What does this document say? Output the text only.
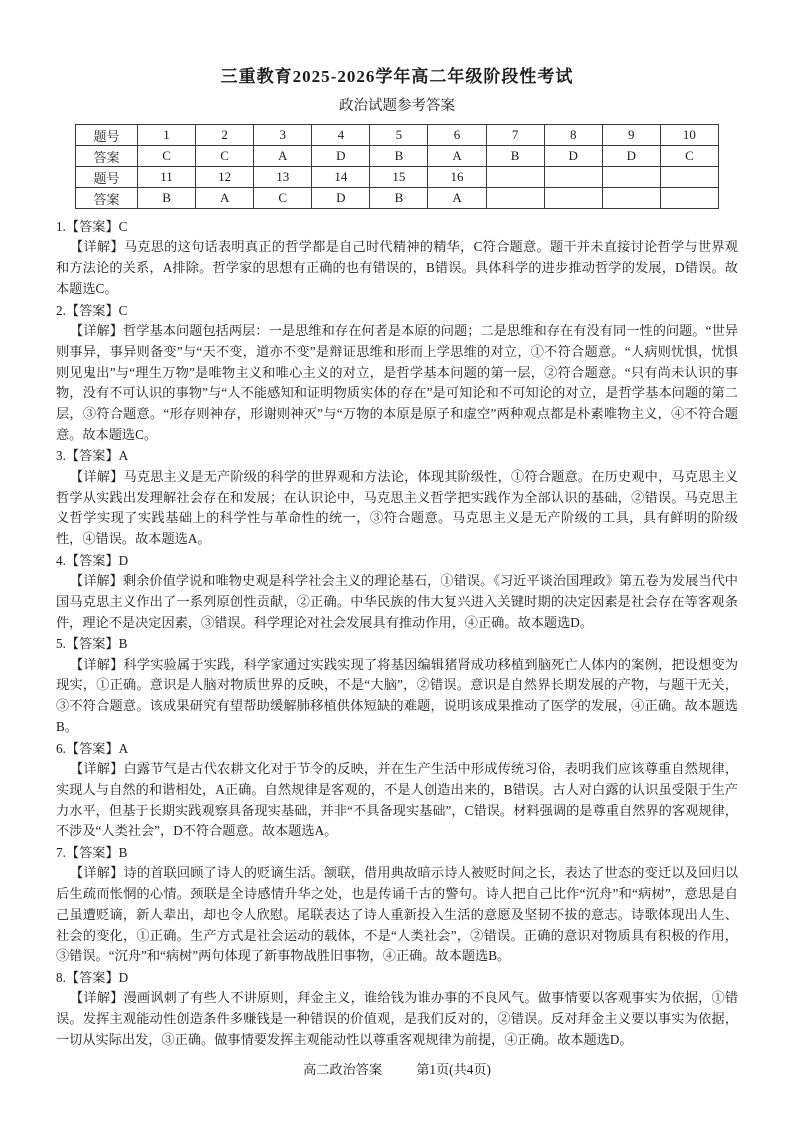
三重教育2025-2026学年高二年级阶段性考试
政治试题参考答案
题号	1	2	3	4	5	6	7	8	9	10
答案	C	C	A	D	B	A	B	D	D	C
题号	11	12	13	14	15	16				
答案	B	A	C	D	B	A				
1.【答案】C

【详解】马克思的这句话表明真正的哲学都是自己时代精神的精华，C符合题意。题干并未直接讨论哲学与世界观和方法论的关系，A排除。哲学家的思想有正确的也有错误的，B错误。具体科学的进步推动哲学的发展，D错误。故本题选C。

2.【答案】C

【详解】哲学基本问题包括两层：一是思维和存在何者是本原的问题；二是思维和存在有没有同一性的问题。“世异则事异，事异则备变”与“天不变，道亦不变”是辩证思维和形而上学思维的对立，①不符合题意。“人病则忧惧，忧惧则见鬼出”与“理生万物”是唯物主义和唯心主义的对立，是哲学基本问题的第一层，②符合题意。“只有尚未认识的事物，没有不可认识的事物”与“人不能感知和证明物质实体的存在”是可知论和不可知论的对立，是哲学基本问题的第二层，③符合题意。“形存则神存，形谢则神灭”与“万物的本原是原子和虚空”两种观点都是朴素唯物主义，④不符合题意。故本题选C。

3.【答案】A

【详解】马克思主义是无产阶级的科学的世界观和方法论，体现其阶级性，①符合题意。在历史观中，马克思主义哲学从实践出发理解社会存在和发展；在认识论中，马克思主义哲学把实践作为全部认识的基础，②错误。马克思主义哲学实现了实践基础上的科学性与革命性的统一，③符合题意。马克思主义是无产阶级的工具，具有鲜明的阶级性，④错误。故本题选A。

4.【答案】D

【详解】剩余价值学说和唯物史观是科学社会主义的理论基石，①错误。《习近平谈治国理政》第五卷为发展当代中国马克思主义作出了一系列原创性贡献，②正确。中华民族的伟大复兴进入关键时期的决定因素是社会存在等客观条件，理论不是决定因素，③错误。科学理论对社会发展具有推动作用，④正确。故本题选D。

5.【答案】B

【详解】科学实验属于实践，科学家通过实践实现了将基因编辑猪肾成功移植到脑死亡人体内的案例，把设想变为现实，①正确。意识是人脑对物质世界的反映，不是“大脑”，②错误。意识是自然界长期发展的产物，与题干无关，③不符合题意。该成果研究有望帮助缓解肺移植供体短缺的难题，说明该成果推动了医学的发展，④正确。故本题选B。

6.【答案】A

【详解】白露节气是古代农耕文化对于节令的反映，并在生产生活中形成传统习俗，表明我们应该尊重自然规律，实现人与自然的和谐相处，A正确。自然规律是客观的，不是人创造出来的，B错误。古人对白露的认识虽受限于生产力水平，但基于长期实践观察具备现实基础，并非“不具备现实基础”，C错误。材料强调的是尊重自然界的客观规律，不涉及“人类社会”，D不符合题意。故本题选A。

7.【答案】B

【详解】诗的首联回顾了诗人的贬谪生活。颔联，借用典故暗示诗人被贬时间之长，表达了世态的变迁以及回归以后生疏而怅惘的心情。颈联是全诗感情升华之处，也是传诵千古的警句。诗人把自己比作“沉舟”和“病树”，意思是自己虽遭贬谪，新人辈出，却也令人欣慰。尾联表达了诗人重新投入生活的意愿及坚韧不拔的意志。诗歌体现出人生、社会的变化，①正确。生产方式是社会运动的载体，不是“人类社会”，②错误。正确的意识对物质具有积极的作用，③错误。“沉舟”和“病树”两句体现了新事物战胜旧事物，④正确。故本题选B。

8.【答案】D

【详解】漫画讽刺了有些人不讲原则，拜金主义，谁给钱为谁办事的不良风气。做事情要以客观事实为依据，①错误。发挥主观能动性创造条件多赚钱是一种错误的价值观，是我们反对的，②错误。反对拜金主义要以事实为依据，一切从实际出发，③正确。做事情要发挥主观能动性以尊重客观规律为前提，④正确。故本题选D。

高二政治答案	第1页(共4页)
